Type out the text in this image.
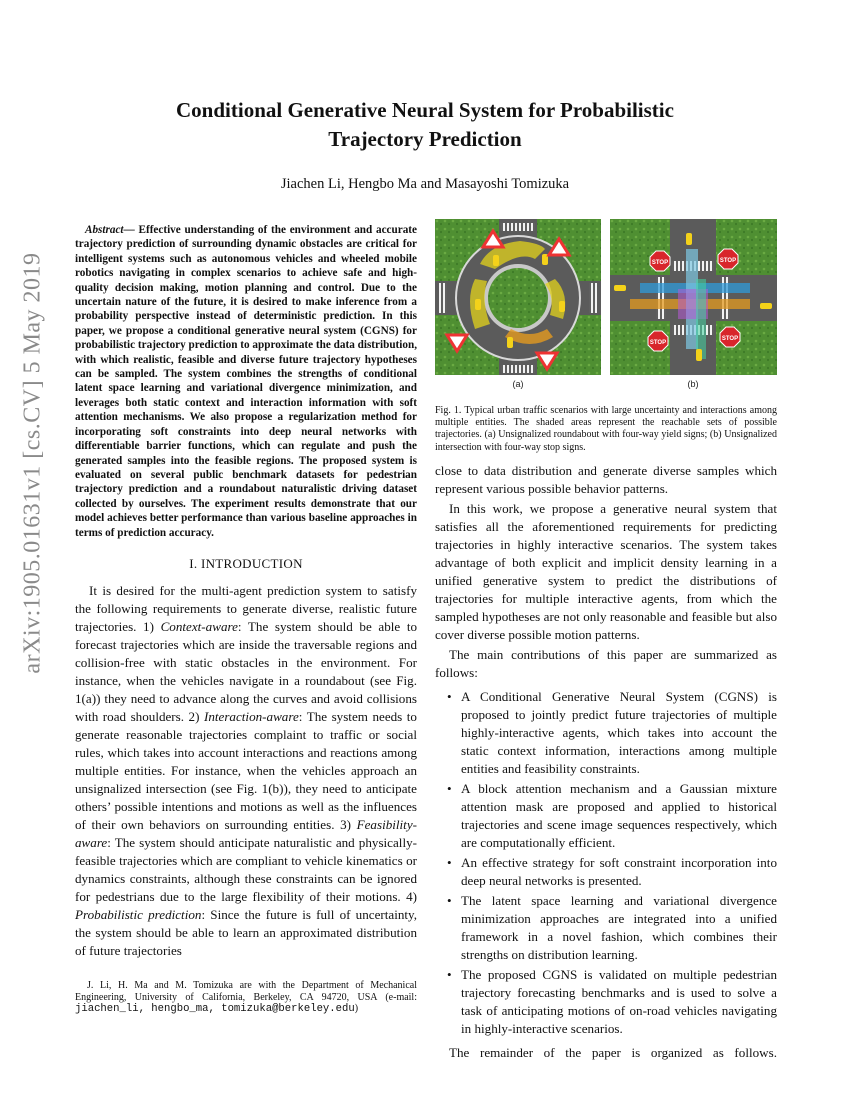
arXiv:1905.01631v1 [cs.CV] 5 May 2019
Conditional Generative Neural System for Probabilistic
Trajectory Prediction
Jiachen Li, Hengbo Ma and Masayoshi Tomizuka

Abstract— Effective understanding of the environment and accurate trajectory prediction of surrounding dynamic obstacles are critical for intelligent systems such as autonomous vehicles and wheeled mobile robotics navigating in complex scenarios to achieve safe and high-quality decision making, motion planning and control. Due to the uncertain nature of the future, it is desired to make inference from a probability perspective instead of deterministic prediction. In this paper, we propose a conditional generative neural system (CGNS) for probabilistic trajectory prediction to approximate the data distribution, with which realistic, feasible and diverse future trajectory hypotheses can be sampled. The system combines the strengths of conditional latent space learning and variational divergence minimization, and leverages both static context and interaction information with soft attention mechanisms. We also propose a regularization method for incorporating soft constraints into deep neural networks with differentiable barrier functions, which can regulate and push the generated samples into the feasible regions. The proposed system is evaluated on several public benchmark datasets for pedestrian trajectory prediction and a roundabout naturalistic driving dataset collected by ourselves. The experiment results demonstrate that our model achieves better performance than various baseline approaches in terms of prediction accuracy.

I. INTRODUCTION

It is desired for the multi-agent prediction system to satisfy the following requirements to generate diverse, realistic future trajectories. 1) Context-aware: The system should be able to forecast trajectories which are inside the traversable regions and collision-free with static obstacles in the environment. For instance, when the vehicles navigate in a roundabout (see Fig. 1(a)) they need to advance along the curves and avoid collisions with road shoulders. 2) Interaction-aware: The system needs to generate reasonable trajectories complaint to traffic or social rules, which takes into account interactions and reactions among multiple entities. For instance, when the vehicles approach an unsignalized intersection (see Fig. 1(b)), they need to anticipate others’ possible intentions and motions as well as the influences of their own behaviors on surrounding entities. 3) Feasibility-aware: The system should anticipate naturalistic and physically-feasible trajectories which are compliant to vehicle kinematics or dynamics constraints, although these constraints can be ignored for pedestrians due to the large flexibility of their motions. 4) Probabilistic prediction: Since the future is full of uncertainty, the system should be able to learn an approximated distribution of future trajectories

J. Li, H. Ma and M. Tomizuka are with the Department of Mechanical Engineering, University of California, Berkeley, CA 94720, USA (e-mail: jiachen_li, hengbo_ma, tomizuka@berkeley.edu)
(a)
STOP	STOP
STOP
STOP
(b)

Fig. 1. Typical urban traffic scenarios with large uncertainty and interactions among multiple entities. The shaded areas represent the reachable sets of possible trajectories. (a) Unsignalized roundabout with four-way yield signs; (b) Unsignalized intersection with four-way stop signs.

close to data distribution and generate diverse samples which represent various possible behavior patterns.

In this work, we propose a generative neural system that satisfies all the aforementioned requirements for predicting trajectories in highly interactive scenarios. The system takes advantage of both explicit and implicit density learning in a unified generative system to predict the distributions of trajectories for multiple interactive agents, from which the sampled hypotheses are not only reasonable and feasible but also cover diverse possible motion patterns.

The main contributions of this paper are summarized as follows:

• A Conditional Generative Neural System (CGNS) is proposed to jointly predict future trajectories of multiple highly-interactive agents, which takes into account the static context information, interactions among multiple entities and feasibility constraints.
• A block attention mechanism and a Gaussian mixture attention mask are proposed and applied to historical trajectories and scene image sequences respectively, which are computationally efficient.
• An effective strategy for soft constraint incorporation into deep neural networks is presented.
• The latent space learning and variational divergence minimization approaches are integrated into a unified framework in a novel fashion, which combines their strengths on distribution learning.
• The proposed CGNS is validated on multiple pedestrian trajectory forecasting benchmarks and is used to solve a task of anticipating motions of on-road vehicles navigating in highly-interactive scenarios.

The remainder of the paper is organized as follows.
